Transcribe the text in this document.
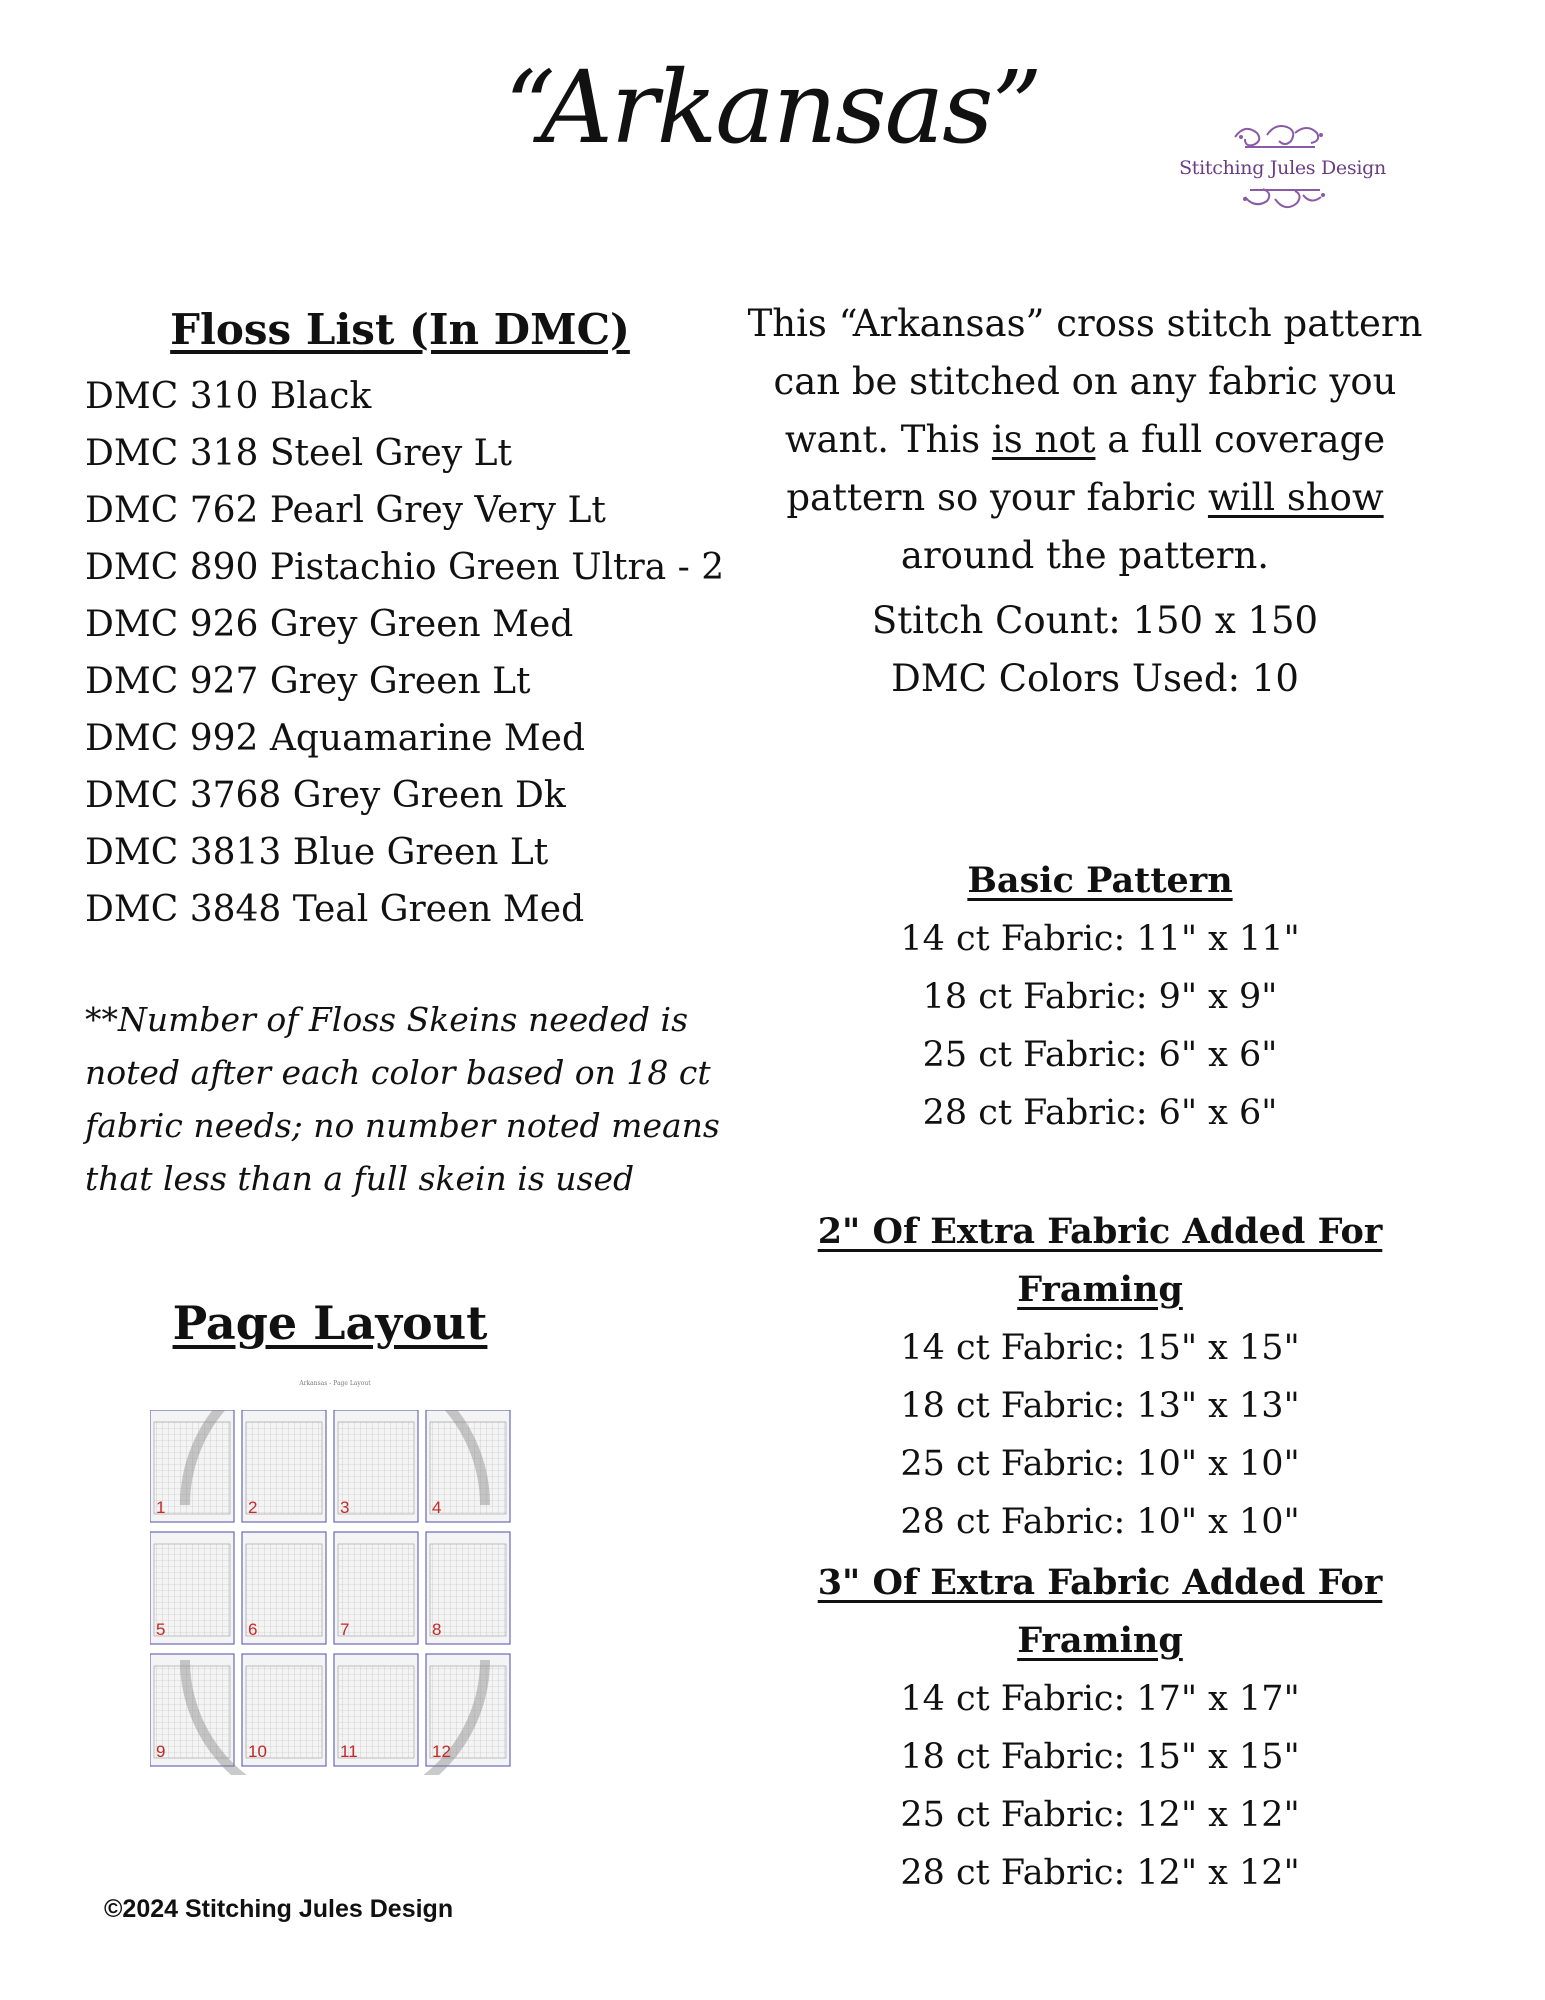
“Arkansas”
Stitching Jules Design
Floss List (In DMC)
DMC 310 Black
DMC 318 Steel Grey Lt
DMC 762 Pearl Grey Very Lt
DMC 890 Pistachio Green Ultra - 2
DMC 926 Grey Green Med
DMC 927 Grey Green Lt
DMC 992 Aquamarine Med
DMC 3768 Grey Green Dk
DMC 3813 Blue Green Lt
DMC 3848 Teal Green Med
**Number of Floss Skeins needed is noted after each color based on 18 ct fabric needs; no number noted means that less than a full skein is used
Page Layout
Arkansas - Page Layout
1	2	3	4
5	6	7	8
9	10	11	12
This “Arkansas” cross stitch pattern can be stitched on any fabric you want. This is not a full coverage pattern so your fabric will show around the pattern.
Stitch Count: 150 x 150
DMC Colors Used: 10
Basic Pattern
14 ct Fabric: 11" x 11"
18 ct Fabric: 9" x 9"
25 ct Fabric: 6" x 6"
28 ct Fabric: 6" x 6"
2" Of Extra Fabric Added For Framing
14 ct Fabric: 15" x 15"
18 ct Fabric: 13" x 13"
25 ct Fabric: 10" x 10"
28 ct Fabric: 10" x 10"
3" Of Extra Fabric Added For Framing
14 ct Fabric: 17" x 17"
18 ct Fabric: 15" x 15"
25 ct Fabric: 12" x 12"
28 ct Fabric: 12" x 12"
©2024 Stitching Jules Design
